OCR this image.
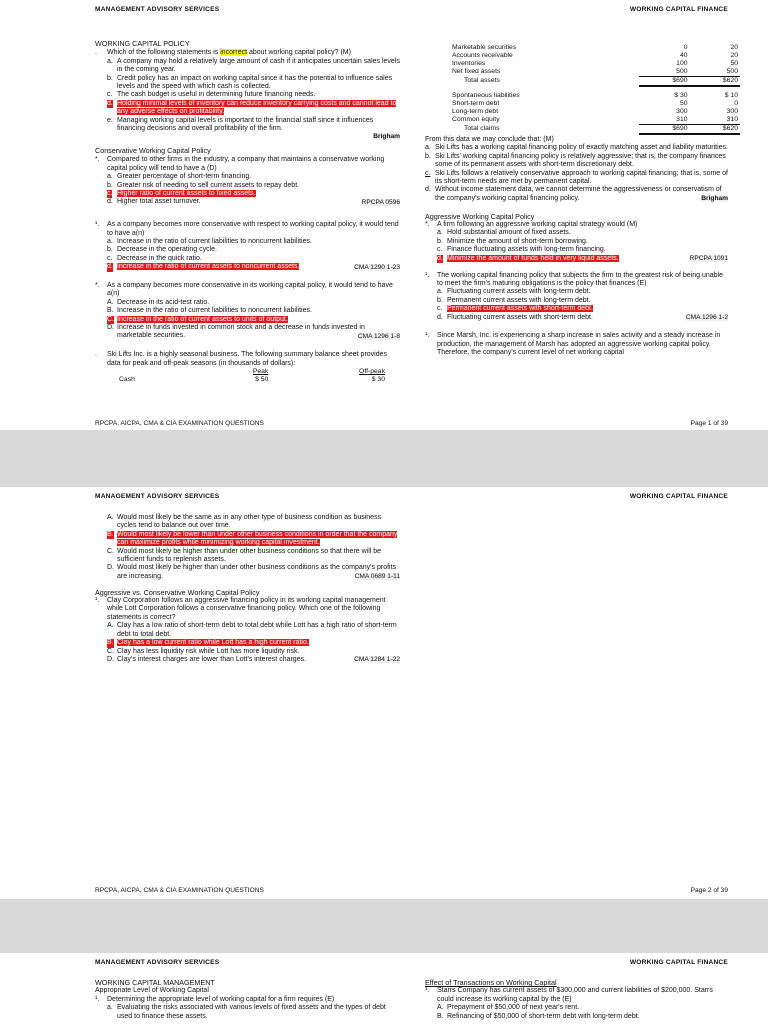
MANAGEMENT ADVISORY SERVICES	WORKING CAPITAL FINANCE
WORKING CAPITAL POLICY
. Which of the following statements is incorrect about working capital policy? (M)
a. A company may hold a relatively large amount of cash if it anticipates uncertain sales levels in the coming year.
b. Credit policy has an impact on working capital since it has the potential to influence sales levels and the speed with which cash is collected.
c. The cash budget is useful in determining future financing needs.
d. Holding minimal levels of inventory can reduce inventory carrying costs and cannot lead to any adverse effects on profitability.
e. Managing working capital levels is important to the financial staff since it influences financing decisions and overall profitability of the firm.
Brigham
Conservative Working Capital Policy
*. Compared to other firms in the industry, a company that maintains a conservative working capital policy will tend to have a (D)
a. Greater percentage of short-term financing.
b. Greater risk of needing to sell current assets to repay debt.
c. Higher ratio of current assets to fixed assets.
d. Higher total asset turnover.	RPCPA 0596
¹. As a company becomes more conservative with respect to working capital policy, it would tend to have a(n)
a. Increase in the ratio of current liabilities to noncurrent liabilities.
b. Decrease in the operating cycle.
c. Decrease in the quick ratio.
d. Increase in the ratio of current assets to noncurrent assets.	CMA 1290 1-23
*. As a company becomes more conservative in its working capital policy, it would tend to have a(n)
A. Decrease in its acid-test ratio.
B. Increase in the ratio of current liabilities to noncurrent liabilities.
C. Increase in the ratio of current assets to units of output.
D. Increase in funds invested in common stock and a decrease in funds invested in marketable securities.	CMA 1296 1-8
. Ski Lifts Inc. is a highly seasonal business. The following summary balance sheet provides data for peak and off-peak seasons (in thousands of dollars):
	Peak	Off-peak
Cash	$ 50	$ 30
Marketable securities	0	20
Accounts receivable	40	20
Inventories	100	50
Net fixed assets	500	500
Total assets	$690	$620

Spontaneous liabilities	$ 30	$ 10
Short-term debt	50	0
Long-term debt	300	300
Common equity	310	310
Total claims	$690	$620
From this data we may conclude that: (M)
a. Ski Lifts has a working capital financing policy of exactly matching asset and liability maturities.
b. Ski Lifts' working capital financing policy is relatively aggressive; that is, the company finances some of its permanent assets with short-term discretionary debt.
c. Ski Lifts follows a relatively conservative approach to working capital financing; that is, some of its short-term needs are met by permanent capital.
d. Without income statement data, we cannot determine the aggressiveness or conservatism of the company's working capital financing policy.	Brigham
Aggressive Working Capital Policy
*. A firm following an aggressive working capital strategy would (M)
a. Hold substantial amount of fixed assets.
b. Minimize the amount of short-term borrowing.
c. Finance fluctuating assets with long-term financing.
d. Minimize the amount of funds held in very liquid assets.	RPCPA 1091
¹. The working capital financing policy that subjects the firm to the greatest risk of being unable to meet the firm's maturing obligations is the policy that finances (E)
a. Fluctuating current assets with long-term debt.
b. Permanent current assets with long-term debt.
c. Permanent current assets with short-term debt.
d. Fluctuating current assets with short-term debt.	CMA 1296 1-2
¹. Since Marsh, Inc. is experiencing a sharp increase in sales activity and a steady increase in production, the management of Marsh has adopted an aggressive working capital policy. Therefore, the company's current level of net working capital
RPCPA, AICPA, CMA & CIA EXAMINATION QUESTIONS	Page 1 of 39
MANAGEMENT ADVISORY SERVICES	WORKING CAPITAL FINANCE
A. Would most likely be the same as in any other type of business condition as business cycles tend to balance out over time.
B. Would most likely be lower than under other business conditions in order that the company can maximize profits while minimizing working capital investment.
C. Would most likely be higher than under other business conditions so that there will be sufficient funds to replenish assets.
D. Would most likely be higher than under other business conditions as the company's profits are increasing.	CMA 0689 1-11
Aggressive vs. Conservative Working Capital Policy
¹. Clay Corporation follows an aggressive financing policy in its working capital management while Lott Corporation follows a conservative financing policy. Which one of the following statements is correct?
A. Clay has a low ratio of short-term debt to total debt while Lott has a high ratio of short-term debt to total debt.
B. Clay has a low current ratio while Lott has a high current ratio.
C. Clay has less liquidity risk while Lott has more liquidity risk.
D. Clay's interest charges are lower than Lott's interest charges.	CMA 1284 1-22
RPCPA, AICPA, CMA & CIA EXAMINATION QUESTIONS	Page 2 of 39
MANAGEMENT ADVISORY SERVICES	WORKING CAPITAL FINANCE
WORKING CAPITAL MANAGEMENT
Appropriate Level of Working Capital
¹. Determining the appropriate level of working capital for a firm requires (E)
a. Evaluating the risks associated with various levels of fixed assets and the types of debt used to finance these assets.
Effect of Transactions on Working Capital
¹. Starrs Company has current assets of $300,000 and current liabilities of $200,000. Starrs could increase its working capital by the (E)
A. Prepayment of $50,000 of next year's rent.
B. Refinancing of $50,000 of short-term debt with long-term debt.
